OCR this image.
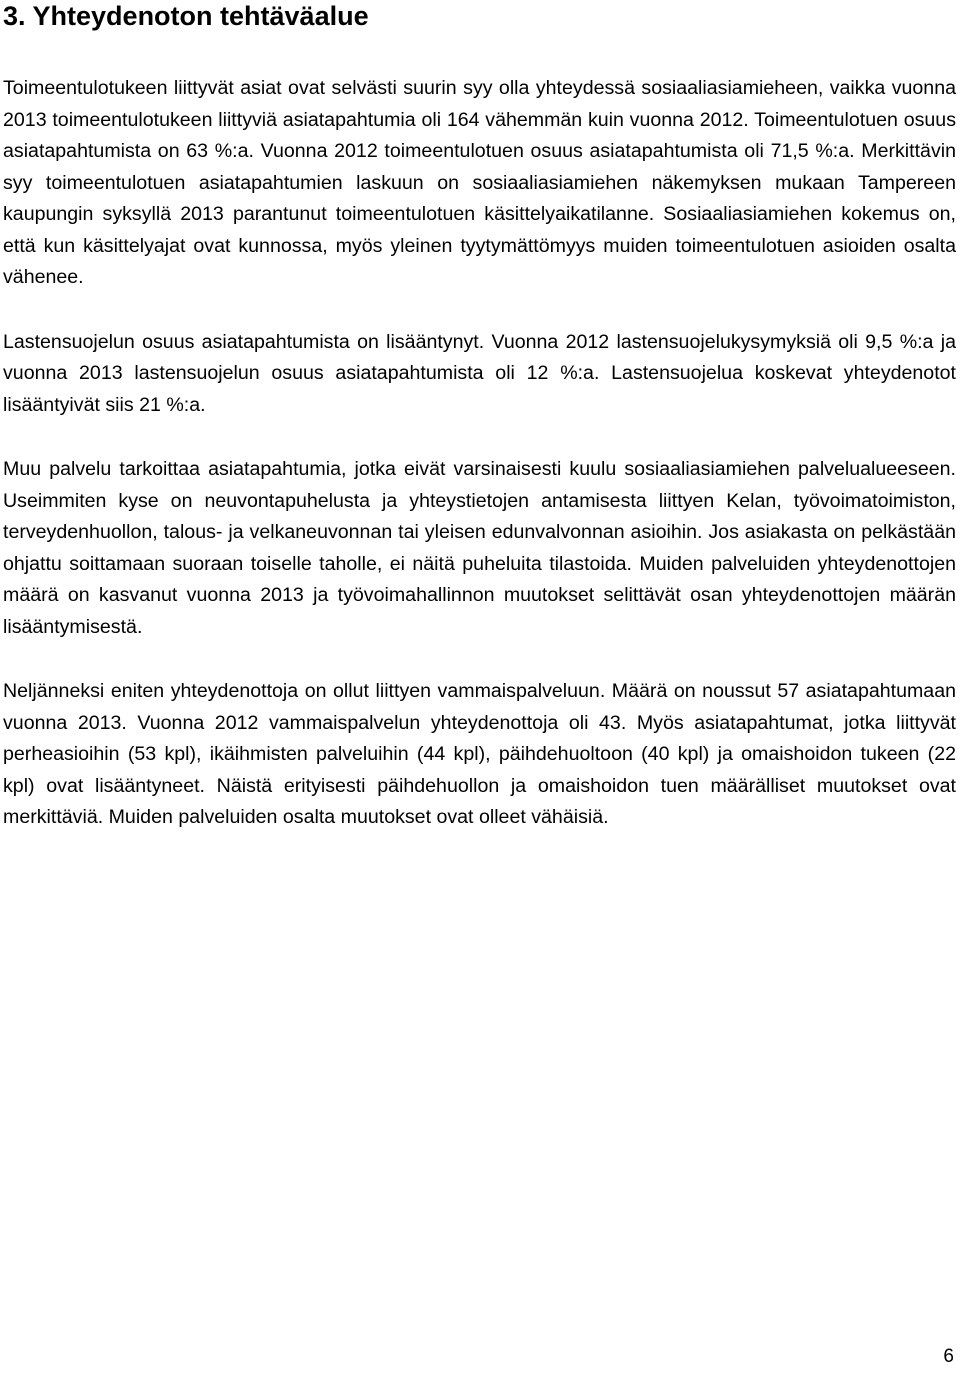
3. Yhteydenoton tehtäväalue

Toimeentulotukeen liittyvät asiat ovat selvästi suurin syy olla yhteydessä sosiaaliasiamieheen, vaikka vuonna 2013 toimeentulotukeen liittyviä asiatapahtumia oli 164 vähemmän kuin vuonna 2012. Toimeentulotuen osuus asiatapahtumista on 63 %:a. Vuonna 2012 toimeentulotuen osuus asiatapahtumista oli 71,5 %:a. Merkittävin syy toimeentulotuen asiatapahtumien laskuun on sosiaaliasiamiehen näkemyksen mukaan Tampereen kaupungin syksyllä 2013 parantunut toimeentulotuen käsittelyaikatilanne. Sosiaaliasiamiehen kokemus on, että kun käsittelyajat ovat kunnossa, myös yleinen tyytymättömyys muiden toimeentulotuen asioiden osalta vähenee.

Lastensuojelun osuus asiatapahtumista on lisääntynyt. Vuonna 2012 lastensuojelukysymyksiä oli 9,5 %:a ja vuonna 2013 lastensuojelun osuus asiatapahtumista oli 12 %:a. Lastensuojelua koskevat yhteydenotot lisääntyivät siis 21 %:a.

Muu palvelu tarkoittaa asiatapahtumia, jotka eivät varsinaisesti kuulu sosiaaliasiamiehen palvelualueeseen. Useimmiten kyse on neuvontapuhelusta ja yhteystietojen antamisesta liittyen Kelan, työvoimatoimiston, terveydenhuollon, talous- ja velkaneuvonnan tai yleisen edunvalvonnan asioihin. Jos asiakasta on pelkästään ohjattu soittamaan suoraan toiselle taholle, ei näitä puheluita tilastoida. Muiden palveluiden yhteydenottojen määrä on kasvanut vuonna 2013 ja työvoimahallinnon muutokset selittävät osan yhteydenottojen määrän lisääntymisestä.

Neljänneksi eniten yhteydenottoja on ollut liittyen vammaispalveluun. Määrä on noussut 57 asiatapahtumaan vuonna 2013. Vuonna 2012 vammaispalvelun yhteydenottoja oli 43. Myös asiatapahtumat, jotka liittyvät perheasioihin (53 kpl), ikäihmisten palveluihin (44 kpl), päihdehuoltoon (40 kpl) ja omaishoidon tukeen (22 kpl) ovat lisääntyneet. Näistä erityisesti päihdehuollon ja omaishoidon tuen määrälliset muutokset ovat merkittäviä. Muiden palveluiden osalta muutokset ovat olleet vähäisiä.

6
